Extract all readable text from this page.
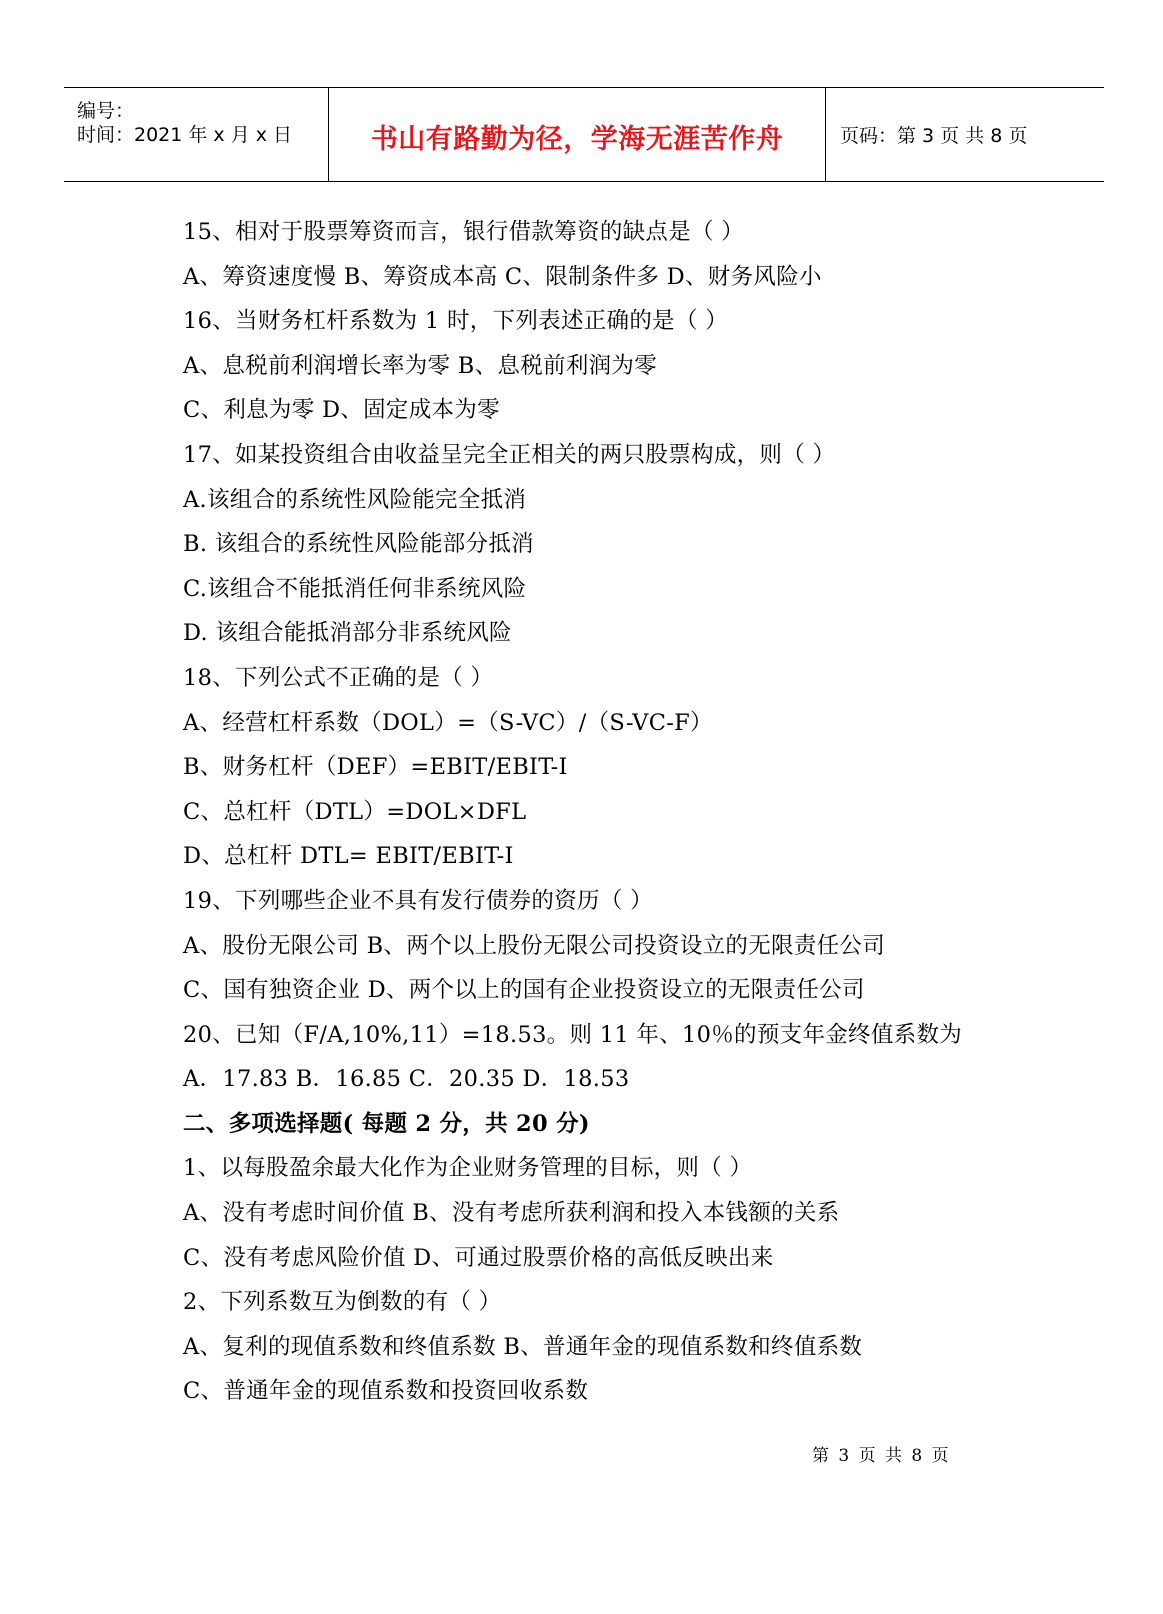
编号：
时间：2021 年 x 月 x 日	书山有路勤为径，学海无涯苦作舟	页码：第 3 页 共 8 页
15、相对于股票筹资而言，银行借款筹资的缺点是（ ）
A、筹资速度慢 B、筹资成本高 C、限制条件多 D、财务风险小
16、当财务杠杆系数为 1 时，下列表述正确的是（ ）
A、息税前利润增长率为零 B、息税前利润为零
C、利息为零 D、固定成本为零
17、如某投资组合由收益呈完全正相关的两只股票构成，则（ ）
A.该组合的系统性风险能完全抵消
B. 该组合的系统性风险能部分抵消
C.该组合不能抵消任何非系统风险
D. 该组合能抵消部分非系统风险
18、下列公式不正确的是（ ）
A、经营杠杆系数（DOL）=（S-VC）/（S-VC-F）
B、财务杠杆（DEF）=EBIT/EBIT-I
C、总杠杆（DTL）=DOL×DFL
D、总杠杆 DTL= EBIT/EBIT-I
19、下列哪些企业不具有发行债券的资历（ ）
A、股份无限公司 B、两个以上股份无限公司投资设立的无限责任公司
C、国有独资企业 D、两个以上的国有企业投资设立的无限责任公司
20、已知（F/A,10%,11）=18.53。则 11 年、10％的预支年金终值系数为
A．17.83 B．16.85 C．20.35 D．18.53
二、多项选择题( 每题 2 分，共 20 分)
1、以每股盈余最大化作为企业财务管理的目标，则（ ）
A、没有考虑时间价值 B、没有考虑所获利润和投入本钱额的关系
C、没有考虑风险价值 D、可通过股票价格的高低反映出来
2、下列系数互为倒数的有（ ）
A、复利的现值系数和终值系数 B、普通年金的现值系数和终值系数
C、普通年金的现值系数和投资回收系数
第 3 页 共 8 页
